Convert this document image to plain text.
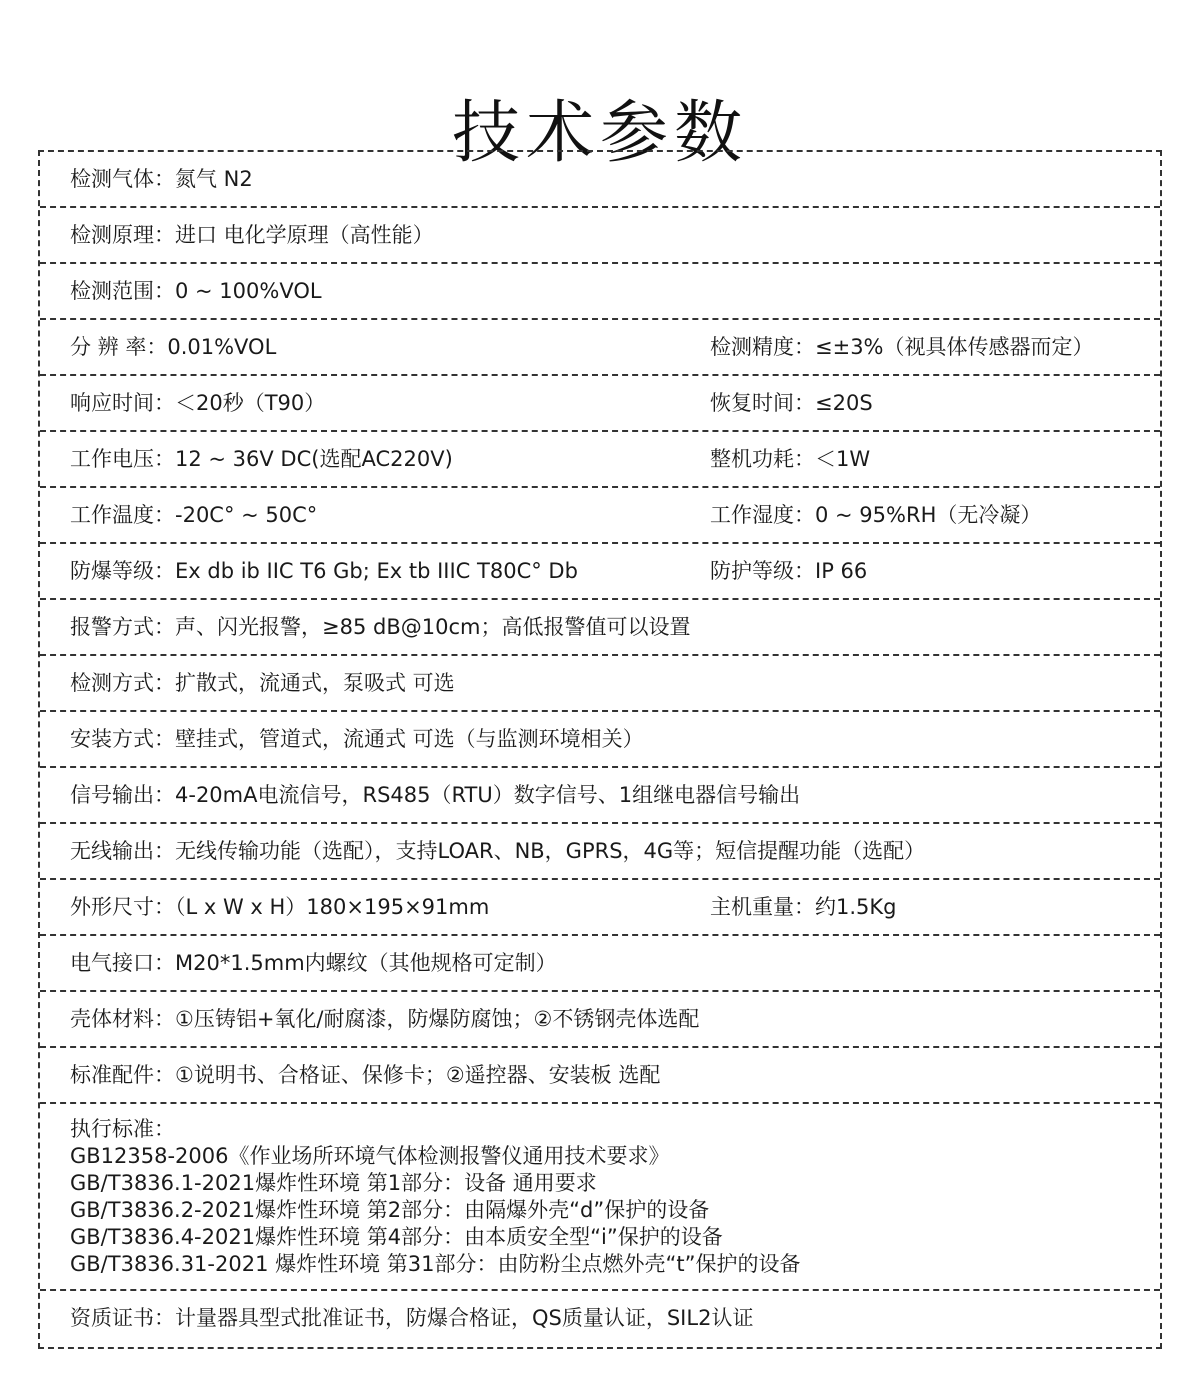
技术参数
检测气体：氮气 N2
检测原理：进口 电化学原理（高性能）
检测范围：0 ~ 100%VOL
分 辨 率：0.01%VOL	检测精度：≤±3%（视具体传感器而定）
响应时间：＜20秒（T90）	恢复时间：≤20S
工作电压：12 ~ 36V DC(选配AC220V)	整机功耗：＜1W
工作温度：-20C° ~ 50C°	工作湿度：0 ~ 95%RH（无冷凝）
防爆等级：Ex db ib IIC T6 Gb; Ex tb IIIC T80C° Db	防护等级：IP 66
报警方式：声、闪光报警，≥85 dB@10cm；高低报警值可以设置
检测方式：扩散式，流通式，泵吸式 可选
安装方式：壁挂式，管道式，流通式 可选（与监测环境相关）
信号输出：4-20mA电流信号，RS485（RTU）数字信号、1组继电器信号输出
无线输出：无线传输功能（选配），支持LOAR、NB，GPRS，4G等；短信提醒功能（选配）
外形尺寸：（L x W x H）180×195×91mm	主机重量：约1.5Kg
电气接口：M20*1.5mm内螺纹（其他规格可定制）
壳体材料：①压铸铝+氧化/耐腐漆，防爆防腐蚀；②不锈钢壳体选配
标准配件：①说明书、合格证、保修卡；②遥控器、安装板 选配
执行标准：
GB12358-2006《作业场所环境气体检测报警仪通用技术要求》
GB/T3836.1-2021爆炸性环境 第1部分：设备 通用要求
GB/T3836.2-2021爆炸性环境 第2部分：由隔爆外壳“d”保护的设备
GB/T3836.4-2021爆炸性环境 第4部分：由本质安全型“i”保护的设备
GB/T3836.31-2021 爆炸性环境 第31部分：由防粉尘点燃外壳“t”保护的设备
资质证书：计量器具型式批准证书，防爆合格证，QS质量认证，SIL2认证
